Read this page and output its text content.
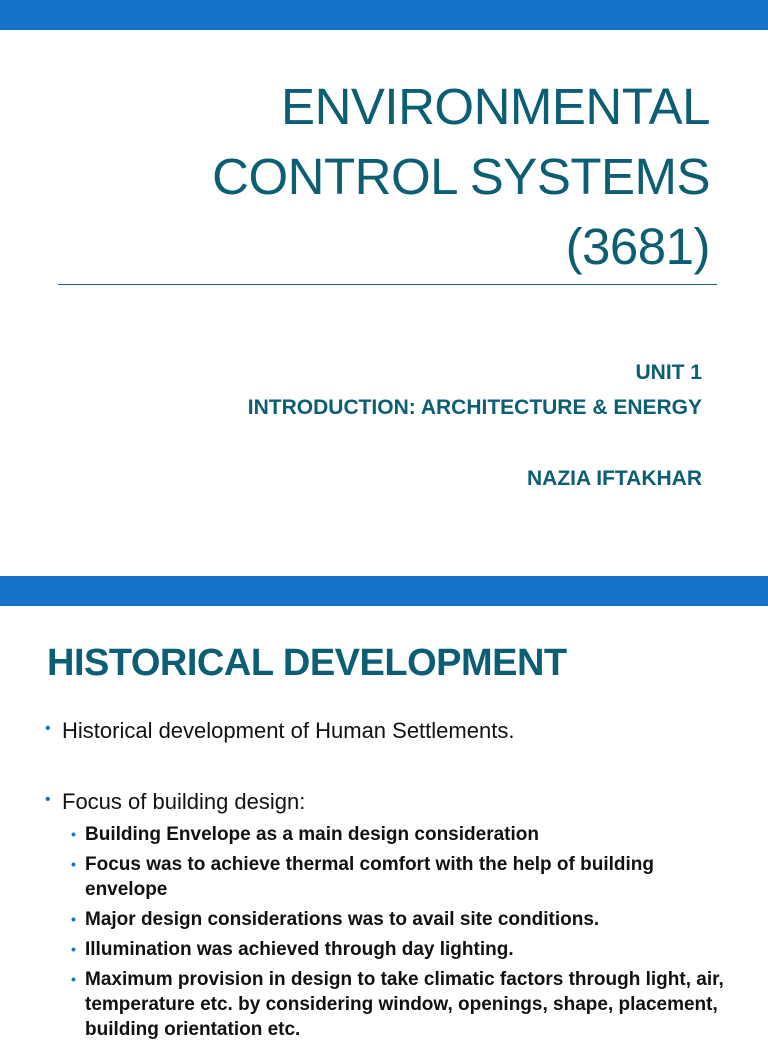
ENVIRONMENTAL
CONTROL SYSTEMS
(3681)

UNIT 1

INTRODUCTION: ARCHITECTURE & ENERGY

NAZIA IFTAKHAR

HISTORICAL DEVELOPMENT

• Historical development of Human Settlements.

• Focus of building design:

• Building Envelope as a main design consideration
• Focus was to achieve thermal comfort with the help of building envelope
• Major design considerations was to avail site conditions.
• Illumination was achieved through day lighting.
• Maximum provision in design to take climatic factors through light, air, temperature etc. by considering window, openings, shape, placement, building orientation etc.
